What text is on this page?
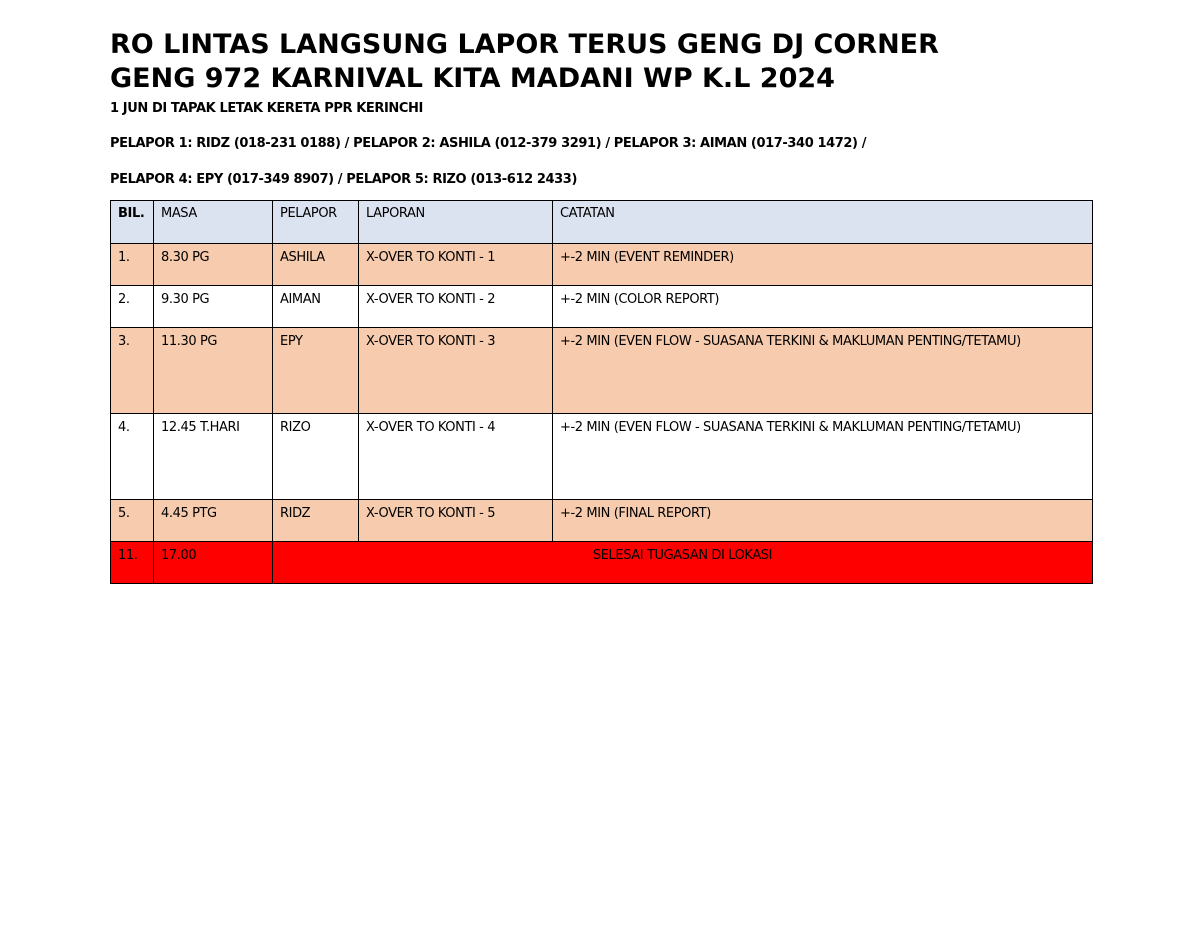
RO LINTAS LANGSUNG LAPOR TERUS GENG DJ CORNER
GENG 972 KARNIVAL KITA MADANI WP K.L 2024
1 JUN DI TAPAK LETAK KERETA PPR KERINCHI
PELAPOR 1: RIDZ (018-231 0188) / PELAPOR 2: ASHILA (012-379 3291) / PELAPOR 3: AIMAN (017-340 1472) /
PELAPOR 4: EPY (017-349 8907) / PELAPOR 5: RIZO (013-612 2433)
BIL.	MASA	PELAPOR	LAPORAN	CATATAN

1.	8.30 PG	ASHILA	X-OVER TO KONTI - 1	+-2 MIN (EVENT REMINDER)

2.	9.30 PG	AIMAN	X-OVER TO KONTI - 2	+-2 MIN (COLOR REPORT)

3.	11.30 PG	EPY	X-OVER TO KONTI - 3	+-2 MIN (EVEN FLOW - SUASANA TERKINI & MAKLUMAN PENTING/TETAMU)

4.	12.45 T.HARI	RIZO	X-OVER TO KONTI - 4	+-2 MIN (EVEN FLOW - SUASANA TERKINI & MAKLUMAN PENTING/TETAMU)

5.	4.45 PTG	RIDZ	X-OVER TO KONTI - 5	+-2 MIN (FINAL REPORT)

11.	17.00	SELESAI TUGASAN DI LOKASI		
